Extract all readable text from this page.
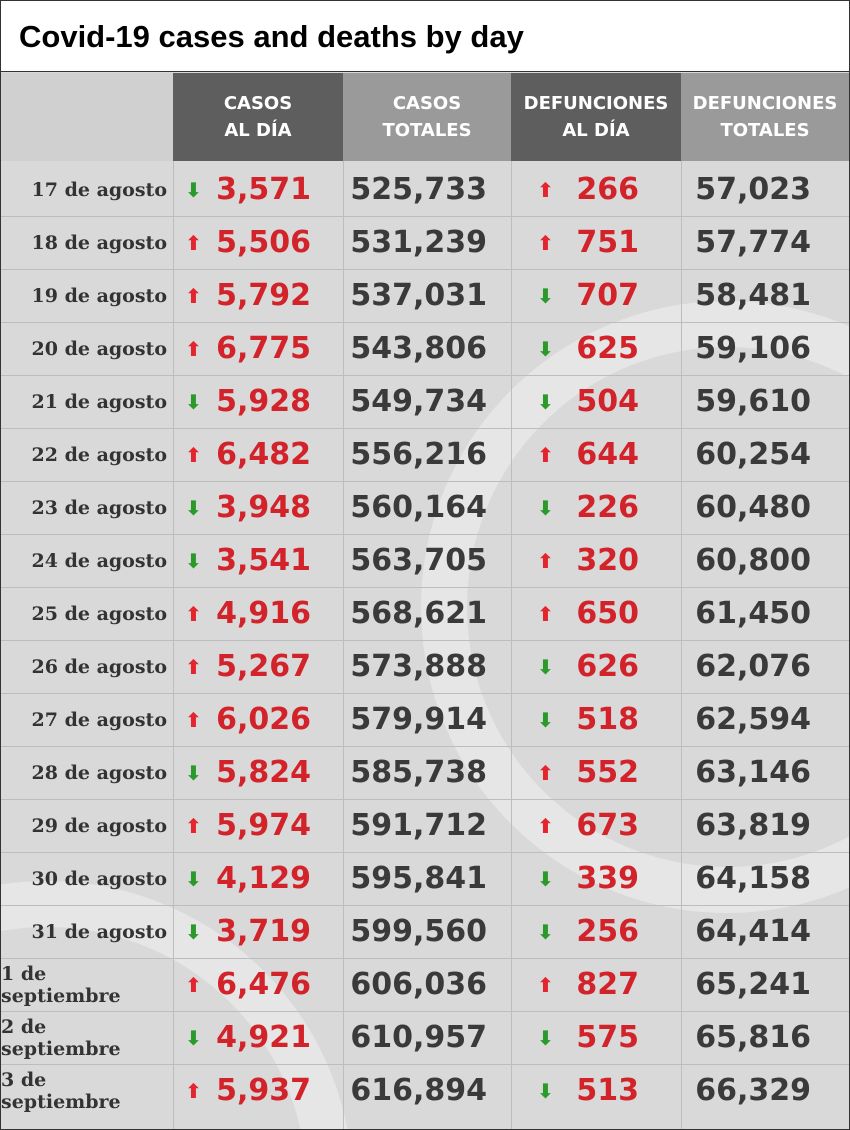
Covid-19 cases and deaths by day
CASOS
AL DÍA
CASOS
TOTALES
DEFUNCIONES
AL DÍA
DEFUNCIONES
TOTALES
17 de agosto ⬇ 3,571	525,733	⬆ 266	57,023
18 de agosto ⬆ 5,506	531,239	⬆ 751	57,774
19 de agosto ⬆ 5,792	537,031	⬇ 707	58,481
20 de agosto ⬆ 6,775	543,806	⬇ 625	59,106
21 de agosto ⬇ 5,928	549,734	⬇ 504	59,610
22 de agosto ⬆ 6,482	556,216	⬆ 644	60,254
23 de agosto ⬇ 3,948	560,164	⬇ 226	60,480
24 de agosto ⬇ 3,541	563,705	⬆ 320	60,800
25 de agosto ⬆ 4,916	568,621	⬆ 650	61,450
26 de agosto ⬆ 5,267	573,888	⬇ 626	62,076
27 de agosto ⬆ 6,026	579,914	⬇ 518	62,594
28 de agosto ⬇ 5,824	585,738	⬆ 552	63,146
29 de agosto ⬆ 5,974	591,712	⬆ 673	63,819
30 de agosto ⬇ 4,129	595,841	⬇ 339	64,158
31 de agosto ⬇ 3,719	599,560	⬇ 256	64,414
1 de septiembre	⬆ 6,476	606,036	⬆ 827	65,241
2 de septiembre	⬇ 4,921	610,957	⬇ 575	65,816
3 de septiembre	⬆ 5,937	616,894	⬇ 513	66,329
